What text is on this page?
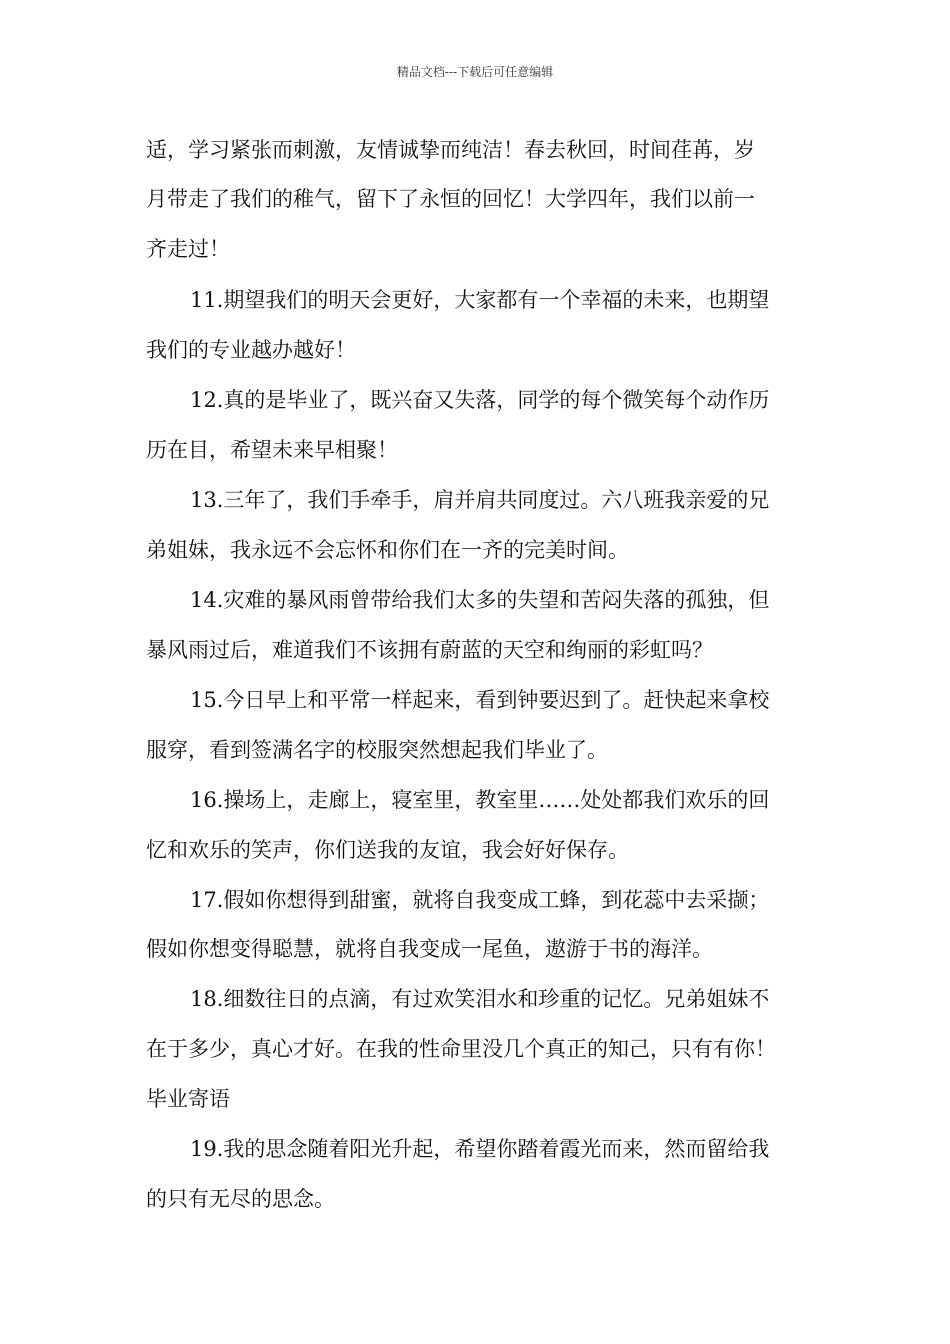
精品文档---下载后可任意编辑
适，学习紧张而刺激，友情诚挚而纯洁！春去秋回，时间荏苒，岁
月带走了我们的稚气，留下了永恒的回忆！大学四年，我们以前一
齐走过！
11.期望我们的明天会更好，大家都有一个幸福的未来，也期望
我们的专业越办越好！
12.真的是毕业了，既兴奋又失落，同学的每个微笑每个动作历
历在目，希望未来早相聚！
13.三年了，我们手牵手，肩并肩共同度过。六八班我亲爱的兄
弟姐妹，我永远不会忘怀和你们在一齐的完美时间。
14.灾难的暴风雨曾带给我们太多的失望和苦闷失落的孤独，但
暴风雨过后，难道我们不该拥有蔚蓝的天空和绚丽的彩虹吗？
15.今日早上和平常一样起来，看到钟要迟到了。赶快起来拿校
服穿，看到签满名字的校服突然想起我们毕业了。
16.操场上，走廊上，寝室里，教室里……处处都我们欢乐的回
忆和欢乐的笑声，你们送我的友谊，我会好好保存。
17.假如你想得到甜蜜，就将自我变成工蜂，到花蕊中去采撷；
假如你想变得聪慧，就将自我变成一尾鱼，遨游于书的海洋。
18.细数往日的点滴，有过欢笑泪水和珍重的记忆。兄弟姐妹不
在于多少，真心才好。在我的性命里没几个真正的知己，只有有你！
毕业寄语
19.我的思念随着阳光升起，希望你踏着霞光而来，然而留给我
的只有无尽的思念。
